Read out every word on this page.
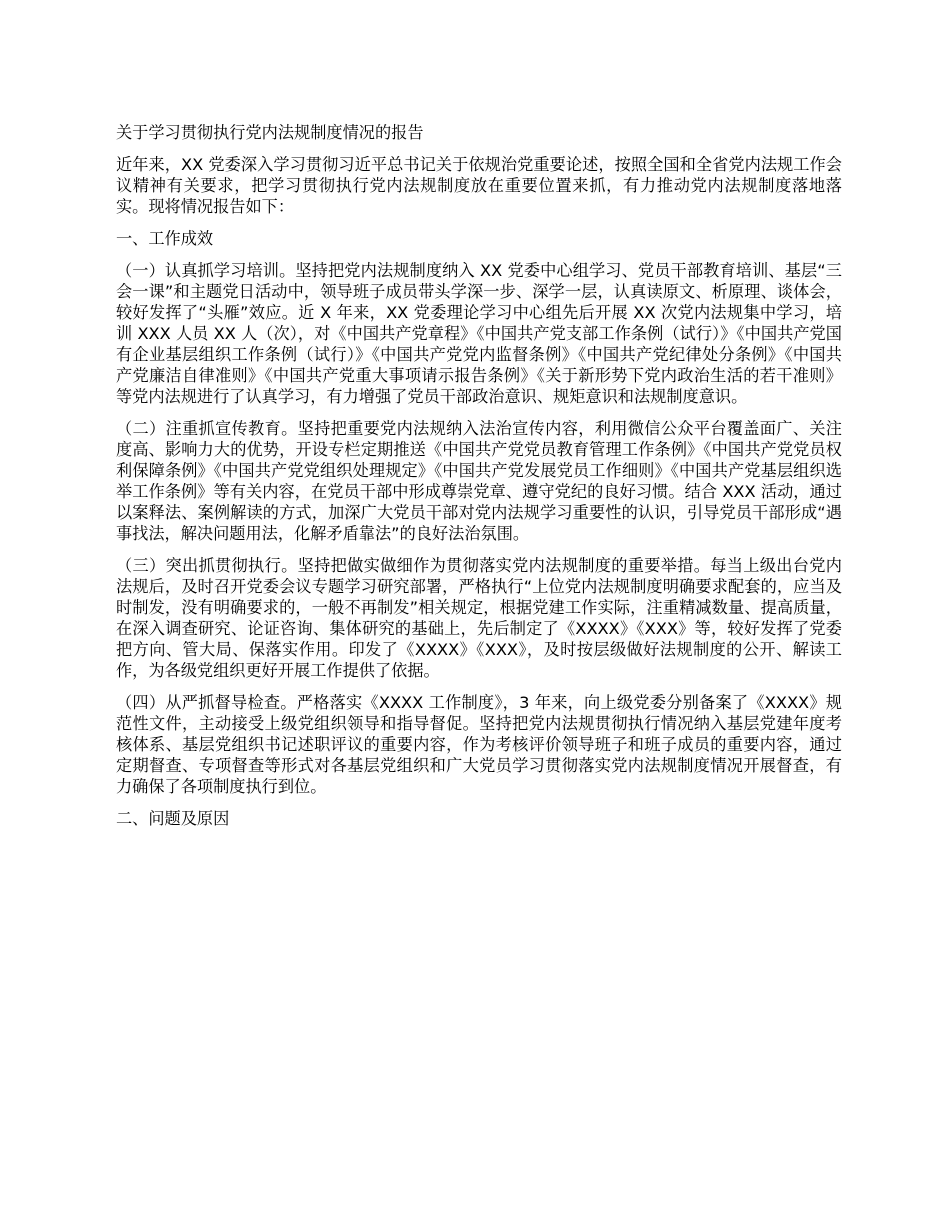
关于学习贯彻执行党内法规制度情况的报告
近年来，XX 党委深入学习贯彻习近平总书记关于依规治党重要论述，按照全国和全省党内法规工作会议精神有关要求，把学习贯彻执行党内法规制度放在重要位置来抓，有力推动党内法规制度落地落实。现将情况报告如下：
一、工作成效
（一）认真抓学习培训。坚持把党内法规制度纳入 XX 党委中心组学习、党员干部教育培训、基层“三会一课”和主题党日活动中，领导班子成员带头学深一步、深学一层，认真读原文、析原理、谈体会，较好发挥了“头雁”效应。近 X 年来，XX 党委理论学习中心组先后开展 XX 次党内法规集中学习，培训 XXX 人员 XX 人（次），对《中国共产党章程》《中国共产党支部工作条例（试行）》《中国共产党国有企业基层组织工作条例（试行）》《中国共产党党内监督条例》《中国共产党纪律处分条例》《中国共产党廉洁自律准则》《中国共产党重大事项请示报告条例》《关于新形势下党内政治生活的若干准则》等党内法规进行了认真学习，有力增强了党员干部政治意识、规矩意识和法规制度意识。
（二）注重抓宣传教育。坚持把重要党内法规纳入法治宣传内容，利用微信公众平台覆盖面广、关注度高、影响力大的优势，开设专栏定期推送《中国共产党党员教育管理工作条例》《中国共产党党员权利保障条例》《中国共产党党组织处理规定》《中国共产党发展党员工作细则》《中国共产党基层组织选举工作条例》等有关内容，在党员干部中形成尊崇党章、遵守党纪的良好习惯。结合 XXX 活动，通过以案释法、案例解读的方式，加深广大党员干部对党内法规学习重要性的认识，引导党员干部形成“遇事找法，解决问题用法，化解矛盾靠法”的良好法治氛围。
（三）突出抓贯彻执行。坚持把做实做细作为贯彻落实党内法规制度的重要举措。每当上级出台党内法规后，及时召开党委会议专题学习研究部署，严格执行“上位党内法规制度明确要求配套的，应当及时制发，没有明确要求的，一般不再制发”相关规定，根据党建工作实际，注重精减数量、提高质量，在深入调查研究、论证咨询、集体研究的基础上，先后制定了《XXXX》《XXX》等，较好发挥了党委把方向、管大局、保落实作用。印发了《XXXX》《XXX》，及时按层级做好法规制度的公开、解读工作，为各级党组织更好开展工作提供了依据。
（四）从严抓督导检查。严格落实《XXXX 工作制度》，3 年来，向上级党委分别备案了《XXXX》规范性文件，主动接受上级党组织领导和指导督促。坚持把党内法规贯彻执行情况纳入基层党建年度考核体系、基层党组织书记述职评议的重要内容，作为考核评价领导班子和班子成员的重要内容，通过定期督查、专项督查等形式对各基层党组织和广大党员学习贯彻落实党内法规制度情况开展督查，有力确保了各项制度执行到位。
二、问题及原因
